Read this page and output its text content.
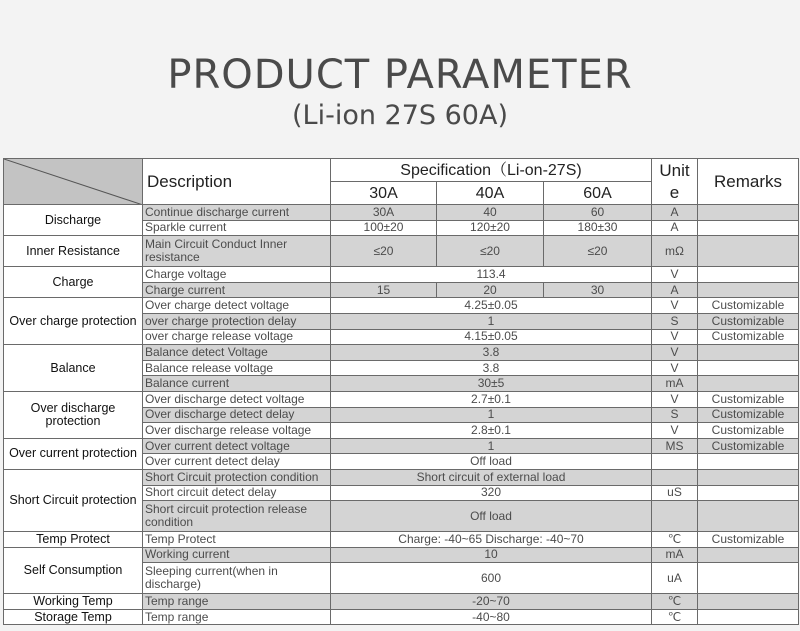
PRODUCT PARAMETER
(Li-ion 27S 60A)
	Description	Specification（Li-on-27S)			Unit e	Remarks
		30A	40A	60A		
Discharge	Continue discharge current	30A	40	60	A	
	Sparkle current	100±20	120±20	180±30	A	
Inner Resistance	Main Circuit Conduct Inner resistance	≤20	≤20	≤20	mΩ	
Charge	Charge voltage	113.4			V	
	Charge current	15	20	30	A	
Over charge protection	Over charge detect voltage	4.25±0.05			V	Customizable
	over charge protection delay	1			S	Customizable
	over charge release voltage	4.15±0.05			V	Customizable
Balance	Balance detect Voltage	3.8			V	
	Balance release voltage	3.8			V	
	Balance current	30±5			mA	
Over discharge protection	Over discharge detect voltage	2.7±0.1			V	Customizable
	Over discharge detect delay	1			S	Customizable
	Over discharge release voltage	2.8±0.1			V	Customizable
Over current protection	Over current detect voltage	1			MS	Customizable
	Over current detect delay	Off load				
Short Circuit protection	Short Circuit protection condition	Short circuit of external load				
	Short circuit detect delay	320			uS	
	Short circuit protection release condition	Off load				
Temp Protect	Temp Protect	Charge: -40~65 Discharge: -40~70			℃	Customizable
Self Consumption	Working current	10			mA	
	Sleeping current(when in discharge)	600			uA	
Working Temp	Temp range	-20~70			℃	
Storage Temp	Temp range	-40~80			℃	
